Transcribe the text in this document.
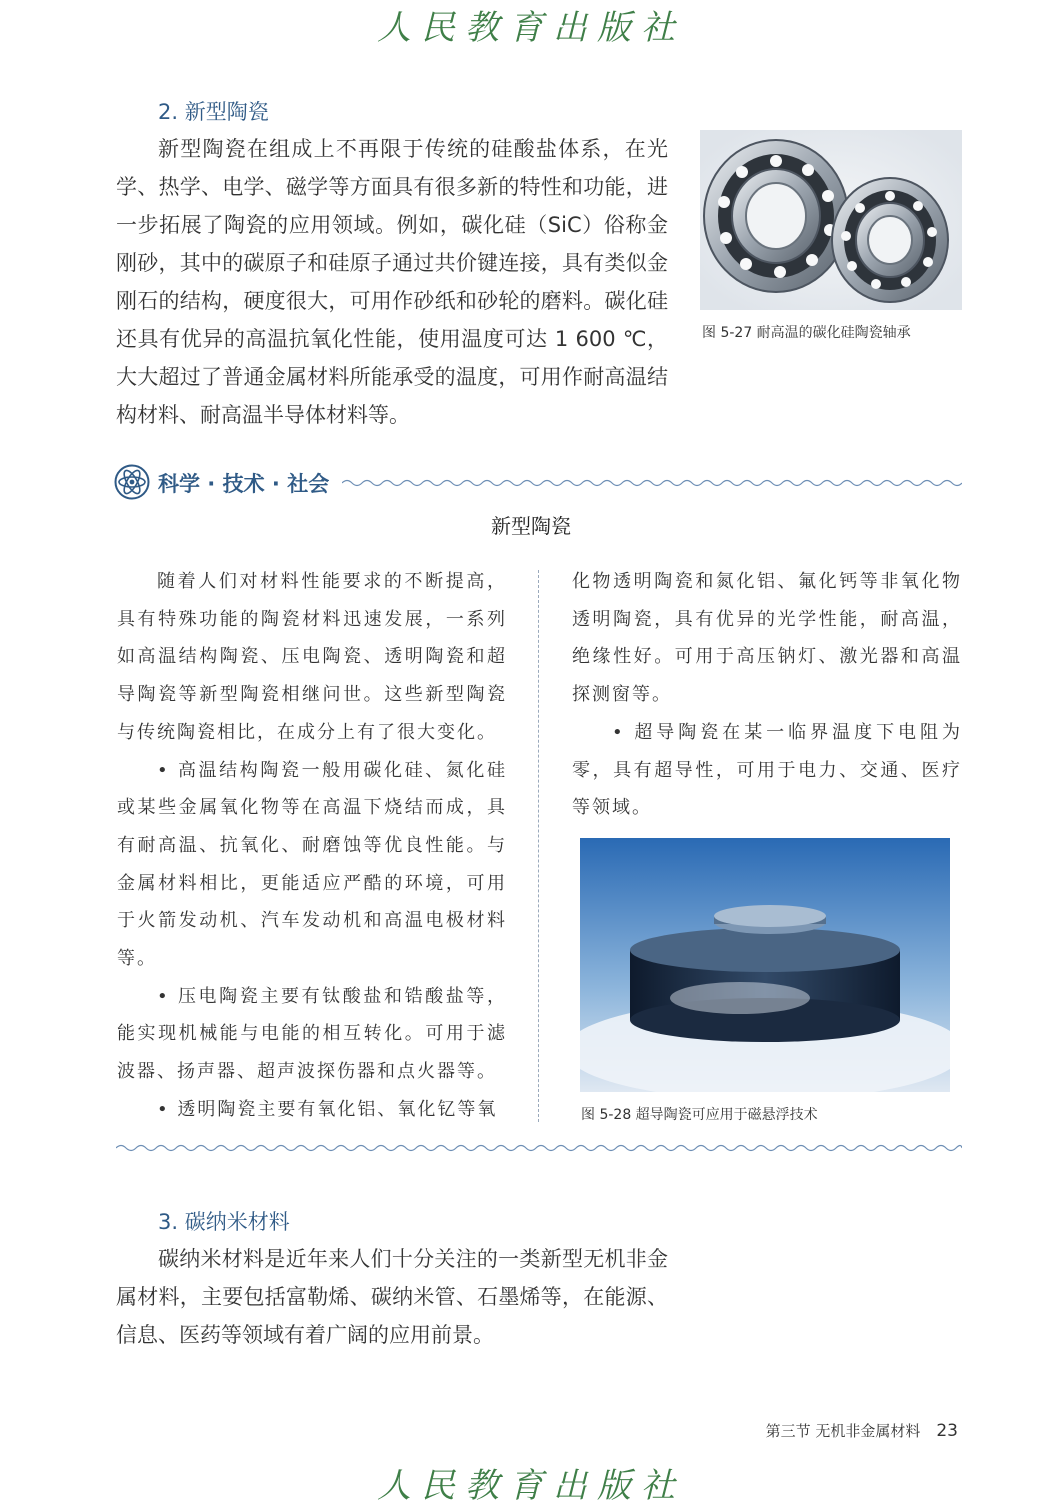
人民教育出版社
2. 新型陶瓷

新型陶瓷在组成上不再限于传统的硅酸盐体系，在光学、热学、电学、磁学等方面具有很多新的特性和功能，进一步拓展了陶瓷的应用领域。例如，碳化硅（SiC）俗称金刚砂，其中的碳原子和硅原子通过共价键连接，具有类似金刚石的结构，硬度很大，可用作砂纸和砂轮的磨料。碳化硅还具有优异的高温抗氧化性能，使用温度可达 1 600 ℃，大大超过了普通金属材料所能承受的温度，可用作耐高温结构材料、耐高温半导体材料等。

图 5-27 耐高温的碳化硅陶瓷轴承
科学 · 技术 · 社会
新型陶瓷

随着人们对材料性能要求的不断提高，具有特殊功能的陶瓷材料迅速发展，一系列如高温结构陶瓷、压电陶瓷、透明陶瓷和超导陶瓷等新型陶瓷相继问世。这些新型陶瓷与传统陶瓷相比，在成分上有了很大变化。

• 高温结构陶瓷一般用碳化硅、氮化硅或某些金属氧化物等在高温下烧结而成，具有耐高温、抗氧化、耐磨蚀等优良性能。与金属材料相比，更能适应严酷的环境，可用于火箭发动机、汽车发动机和高温电极材料等。

• 压电陶瓷主要有钛酸盐和锆酸盐等，能实现机械能与电能的相互转化。可用于滤波器、扬声器、超声波探伤器和点火器等。

• 透明陶瓷主要有氧化铝、氧化钇等氧

化物透明陶瓷和氮化铝、氟化钙等非氧化物透明陶瓷，具有优异的光学性能，耐高温，绝缘性好。可用于高压钠灯、激光器和高温探测窗等。

• 超导陶瓷在某一临界温度下电阻为零，具有超导性，可用于电力、交通、医疗等领域。

图 5-28 超导陶瓷可应用于磁悬浮技术
3. 碳纳米材料

碳纳米材料是近年来人们十分关注的一类新型无机非金属材料，主要包括富勒烯、碳纳米管、石墨烯等，在能源、信息、医药等领域有着广阔的应用前景。

第三节 无机非金属材料 23
人民教育出版社
